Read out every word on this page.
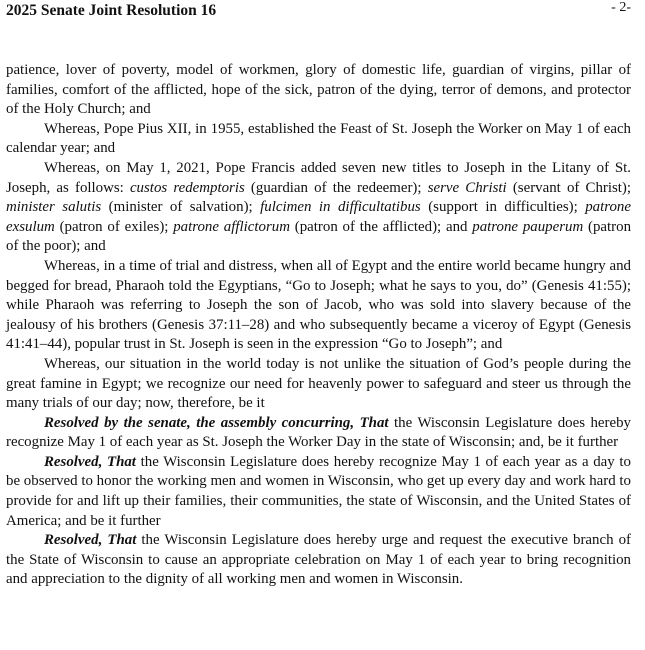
2025 Senate Joint Resolution 16	- 2-

patience, lover of poverty, model of workmen, glory of domestic life, guardian of virgins, pillar of families, comfort of the afflicted, hope of the sick, patron of the dying, terror of demons, and protector of the Holy Church; and

Whereas, Pope Pius XII, in 1955, established the Feast of St. Joseph the Worker on May 1 of each calendar year; and

Whereas, on May 1, 2021, Pope Francis added seven new titles to Joseph in the Litany of St. Joseph, as follows: custos redemptoris (guardian of the redeemer); serve Christi (servant of Christ); minister salutis (minister of salvation); fulcimen in difficultatibus (support in difficulties); patrone exsulum (patron of exiles); patrone afflictorum (patron of the afflicted); and patrone pauperum (patron of the poor); and

Whereas, in a time of trial and distress, when all of Egypt and the entire world became hungry and begged for bread, Pharaoh told the Egyptians, “Go to Joseph; what he says to you, do” (Genesis 41:55); while Pharaoh was referring to Joseph the son of Jacob, who was sold into slavery because of the jealousy of his brothers (Genesis 37:11–28) and who subsequently became a viceroy of Egypt (Genesis 41:41–44), popular trust in St. Joseph is seen in the expression “Go to Joseph”; and

Whereas, our situation in the world today is not unlike the situation of God’s people during the great famine in Egypt; we recognize our need for heavenly power to safeguard and steer us through the many trials of our day; now, therefore, be it

Resolved by the senate, the assembly concurring, That the Wisconsin Legislature does hereby recognize May 1 of each year as St. Joseph the Worker Day in the state of Wisconsin; and, be it further

Resolved, That the Wisconsin Legislature does hereby recognize May 1 of each year as a day to be observed to honor the working men and women in Wisconsin, who get up every day and work hard to provide for and lift up their families, their communities, the state of Wisconsin, and the United States of America; and be it further

Resolved, That the Wisconsin Legislature does hereby urge and request the executive branch of the State of Wisconsin to cause an appropriate celebration on May 1 of each year to bring recognition and appreciation to the dignity of all working men and women in Wisconsin.
